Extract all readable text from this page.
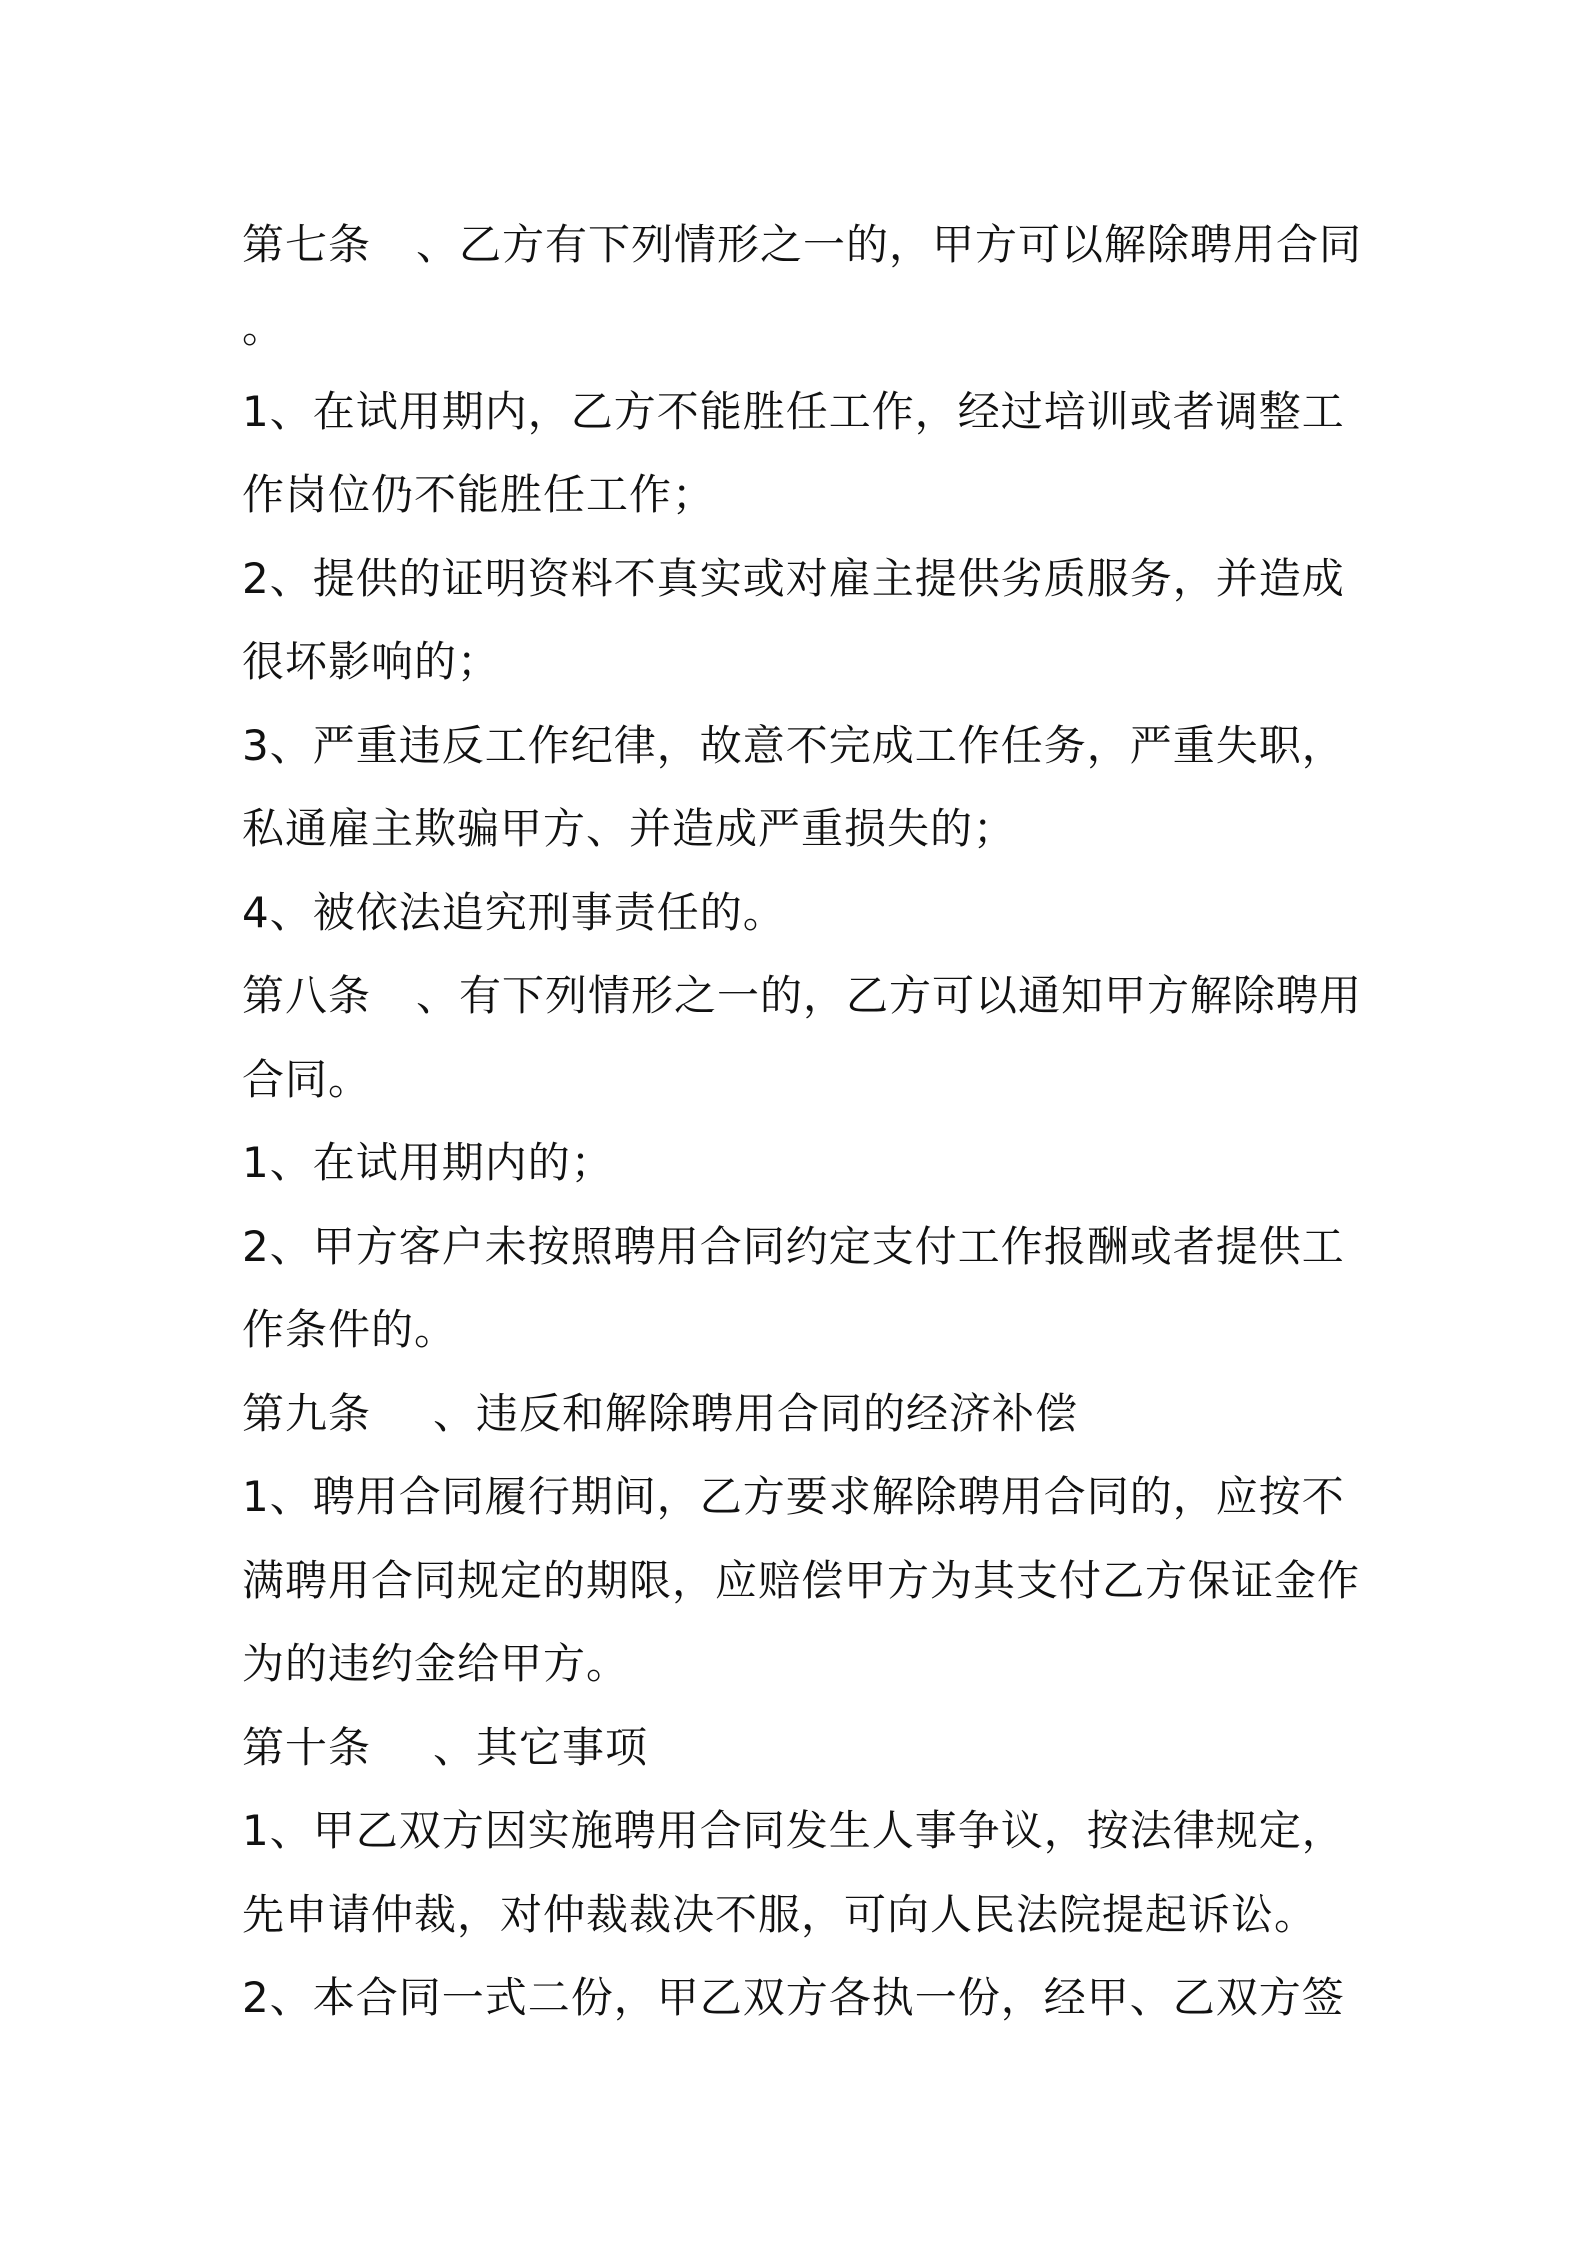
第七条 、乙方有下列情形之一的，甲方可以解除聘用合同
。
1、在试用期内，乙方不能胜任工作，经过培训或者调整工
作岗位仍不能胜任工作；
2、提供的证明资料不真实或对雇主提供劣质服务，并造成
很坏影响的；
3、严重违反工作纪律，故意不完成工作任务，严重失职，
私通雇主欺骗甲方、并造成严重损失的；
4、被依法追究刑事责任的。
第八条 、有下列情形之一的，乙方可以通知甲方解除聘用
合同。
1、在试用期内的；
2、甲方客户未按照聘用合同约定支付工作报酬或者提供工
作条件的。
第九条 、违反和解除聘用合同的经济补偿
1、聘用合同履行期间，乙方要求解除聘用合同的，应按不
满聘用合同规定的期限，应赔偿甲方为其支付乙方保证金作
为的违约金给甲方。
第十条 、其它事项
1、甲乙双方因实施聘用合同发生人事争议，按法律规定，
先申请仲裁，对仲裁裁决不服，可向人民法院提起诉讼。
2、本合同一式二份，甲乙双方各执一份，经甲、乙双方签
